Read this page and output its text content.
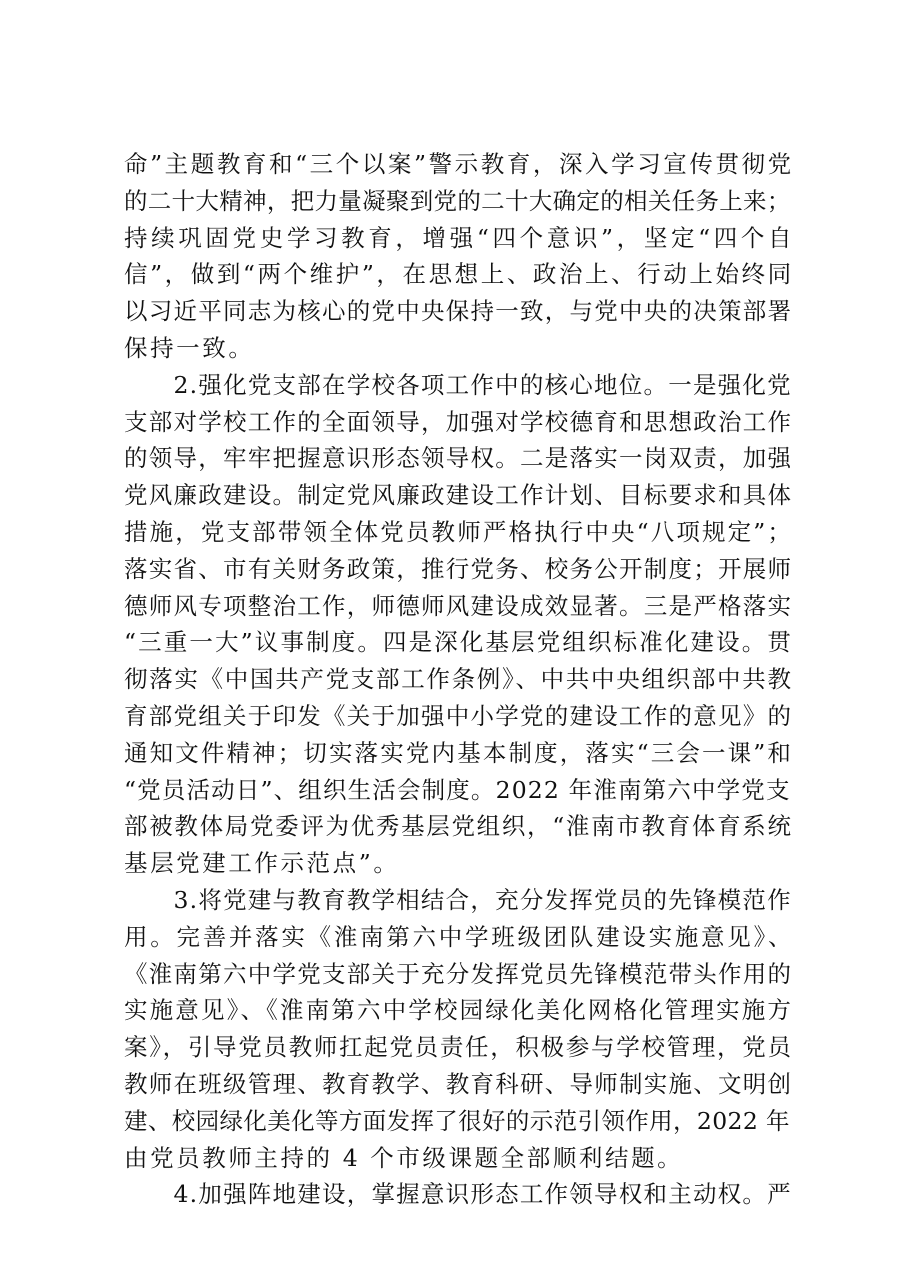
命”主题教育和“三个以案”警示教育，深入学习宣传贯彻党
的二十大精神，把力量凝聚到党的二十大确定的相关任务上来；
持续巩固党史学习教育，增强“四个意识”，坚定“四个自
信”，做到“两个维护”，在思想上、政治上、行动上始终同
以习近平同志为核心的党中央保持一致，与党中央的决策部署
保持一致。
　　2.强化党支部在学校各项工作中的核心地位。一是强化党
支部对学校工作的全面领导，加强对学校德育和思想政治工作
的领导，牢牢把握意识形态领导权。二是落实一岗双责，加强
党风廉政建设。制定党风廉政建设工作计划、目标要求和具体
措施，党支部带领全体党员教师严格执行中央“八项规定”；
落实省、市有关财务政策，推行党务、校务公开制度；开展师
德师风专项整治工作，师德师风建设成效显著。三是严格落实
“三重一大”议事制度。四是深化基层党组织标准化建设。贯
彻落实《中国共产党支部工作条例》、中共中央组织部中共教
育部党组关于印发《关于加强中小学党的建设工作的意见》的
通知文件精神；切实落实党内基本制度，落实“三会一课”和
“党员活动日”、组织生活会制度。2022 年淮南第六中学党支
部被教体局党委评为优秀基层党组织，“淮南市教育体育系统
基层党建工作示范点”。
　　3.将党建与教育教学相结合，充分发挥党员的先锋模范作
用。完善并落实《淮南第六中学班级团队建设实施意见》、
《淮南第六中学党支部关于充分发挥党员先锋模范带头作用的
实施意见》、《淮南第六中学校园绿化美化网格化管理实施方
案》，引导党员教师扛起党员责任，积极参与学校管理，党员
教师在班级管理、教育教学、教育科研、导师制实施、文明创
建、校园绿化美化等方面发挥了很好的示范引领作用，2022 年
由党员教师主持的 4 个市级课题全部顺利结题。
　　4.加强阵地建设，掌握意识形态工作领导权和主动权。严
